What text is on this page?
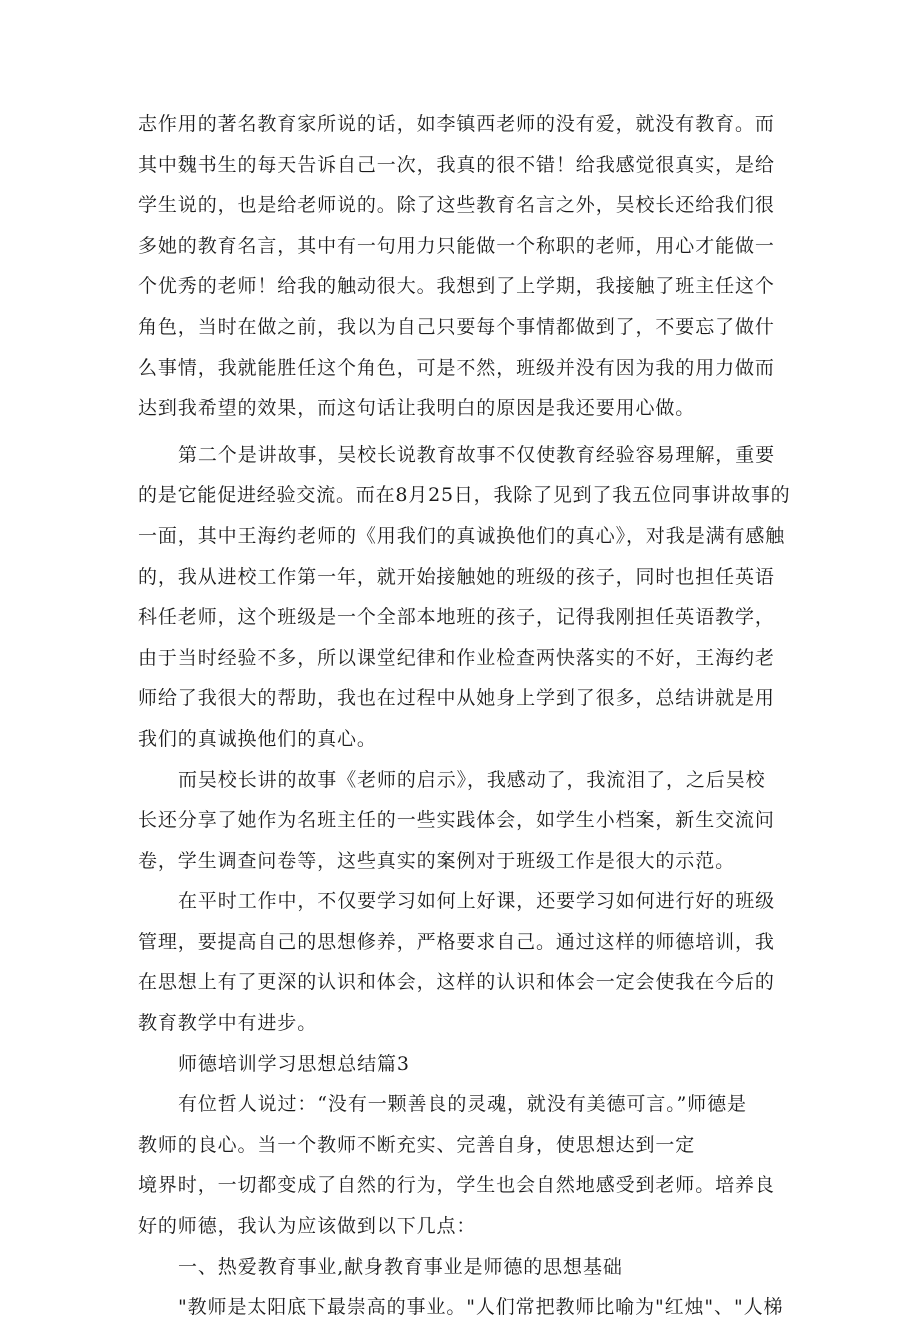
志作用的著名教育家所说的话，如李镇西老师的没有爱，就没有教育。而
其中魏书生的每天告诉自己一次，我真的很不错！给我感觉很真实，是给
学生说的，也是给老师说的。除了这些教育名言之外，吴校长还给我们很
多她的教育名言，其中有一句用力只能做一个称职的老师，用心才能做一
个优秀的老师！给我的触动很大。我想到了上学期，我接触了班主任这个
角色，当时在做之前，我以为自己只要每个事情都做到了，不要忘了做什
么事情，我就能胜任这个角色，可是不然，班级并没有因为我的用力做而
达到我希望的效果，而这句话让我明白的原因是我还要用心做。
第二个是讲故事，吴校长说教育故事不仅使教育经验容易理解，重要
的是它能促进经验交流。而在8月25日，我除了见到了我五位同事讲故事的
一面，其中王海约老师的《用我们的真诚换他们的真心》，对我是满有感触
的，我从进校工作第一年，就开始接触她的班级的孩子，同时也担任英语
科任老师，这个班级是一个全部本地班的孩子，记得我刚担任英语教学，
由于当时经验不多，所以课堂纪律和作业检查两快落实的不好，王海约老
师给了我很大的帮助，我也在过程中从她身上学到了很多，总结讲就是用
我们的真诚换他们的真心。
而吴校长讲的故事《老师的启示》，我感动了，我流泪了，之后吴校
长还分享了她作为名班主任的一些实践体会，如学生小档案，新生交流问
卷，学生调查问卷等，这些真实的案例对于班级工作是很大的示范。
在平时工作中，不仅要学习如何上好课，还要学习如何进行好的班级
管理，要提高自己的思想修养，严格要求自己。通过这样的师德培训，我
在思想上有了更深的认识和体会，这样的认识和体会一定会使我在今后的
教育教学中有进步。
师德培训学习思想总结篇3
有位哲人说过：“没有一颗善良的灵魂，就没有美德可言。”师德是
教师的良心。当一个教师不断充实、完善自身，使思想达到一定
境界时，一切都变成了自然的行为，学生也会自然地感受到老师。培养良
好的师德，我认为应该做到以下几点：
一、热爱教育事业,献身教育事业是师德的思想基础
"教师是太阳底下最崇高的事业。"人们常把教师比喻为"红烛"、"人梯
